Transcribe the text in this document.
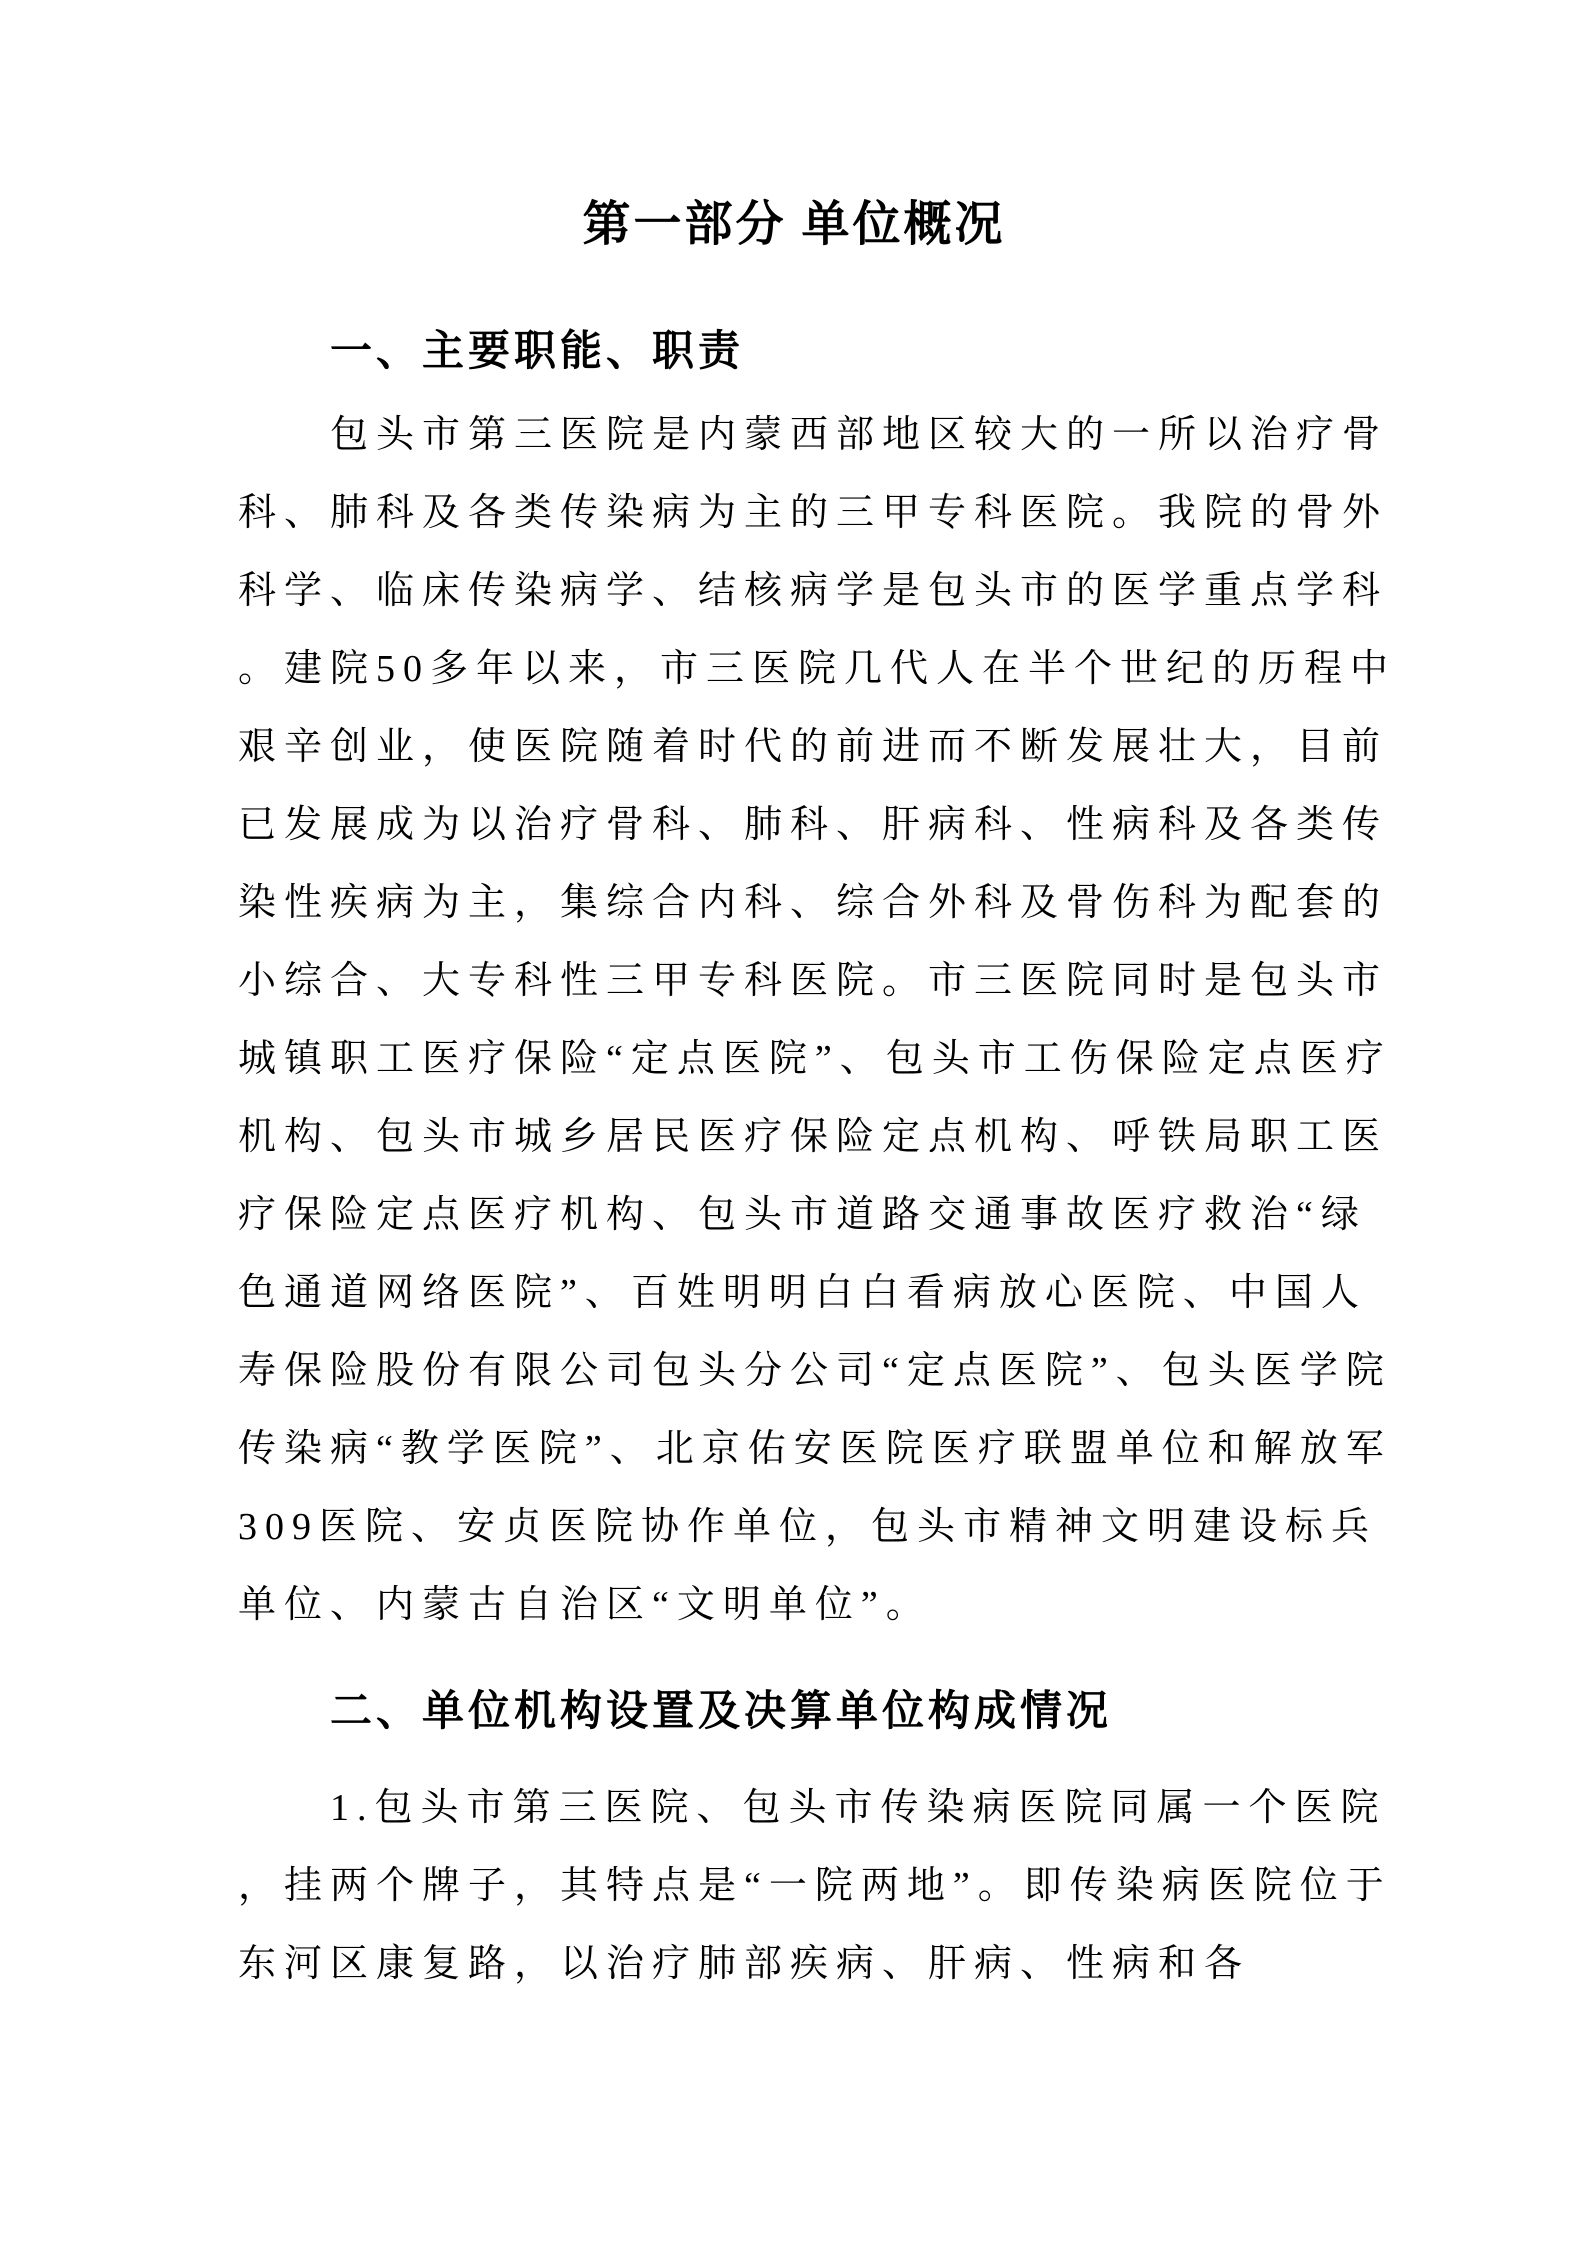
第一部分 单位概况
一、主要职能、职责

包头市第三医院是内蒙西部地区较大的一所以治疗骨科、肺科及各类传染病为主的三甲专科医院。我院的骨外科学、临床传染病学、结核病学是包头市的医学重点学科。建院50多年以来，市三医院几代人在半个世纪的历程中艰辛创业，使医院随着时代的前进而不断发展壮大，目前已发展成为以治疗骨科、肺科、肝病科、性病科及各类传染性疾病为主，集综合内科、综合外科及骨伤科为配套的小综合、大专科性三甲专科医院。市三医院同时是包头市城镇职工医疗保险“定点医院”、包头市工伤保险定点医疗机构、包头市城乡居民医疗保险定点机构、呼铁局职工医疗保险定点医疗机构、包头市道路交通事故医疗救治“绿色通道网络医院”、百姓明明白白看病放心医院、中国人寿保险股份有限公司包头分公司“定点医院”、包头医学院传染病“教学医院”、北京佑安医院医疗联盟单位和解放军309医院、安贞医院协作单位，包头市精神文明建设标兵单位、内蒙古自治区“文明单位”。

二、单位机构设置及决算单位构成情况

1.包头市第三医院、包头市传染病医院同属一个医院，挂两个牌子，其特点是“一院两地”。即传染病医院位于东河区康复路，以治疗肺部疾病、肝病、性病和各
